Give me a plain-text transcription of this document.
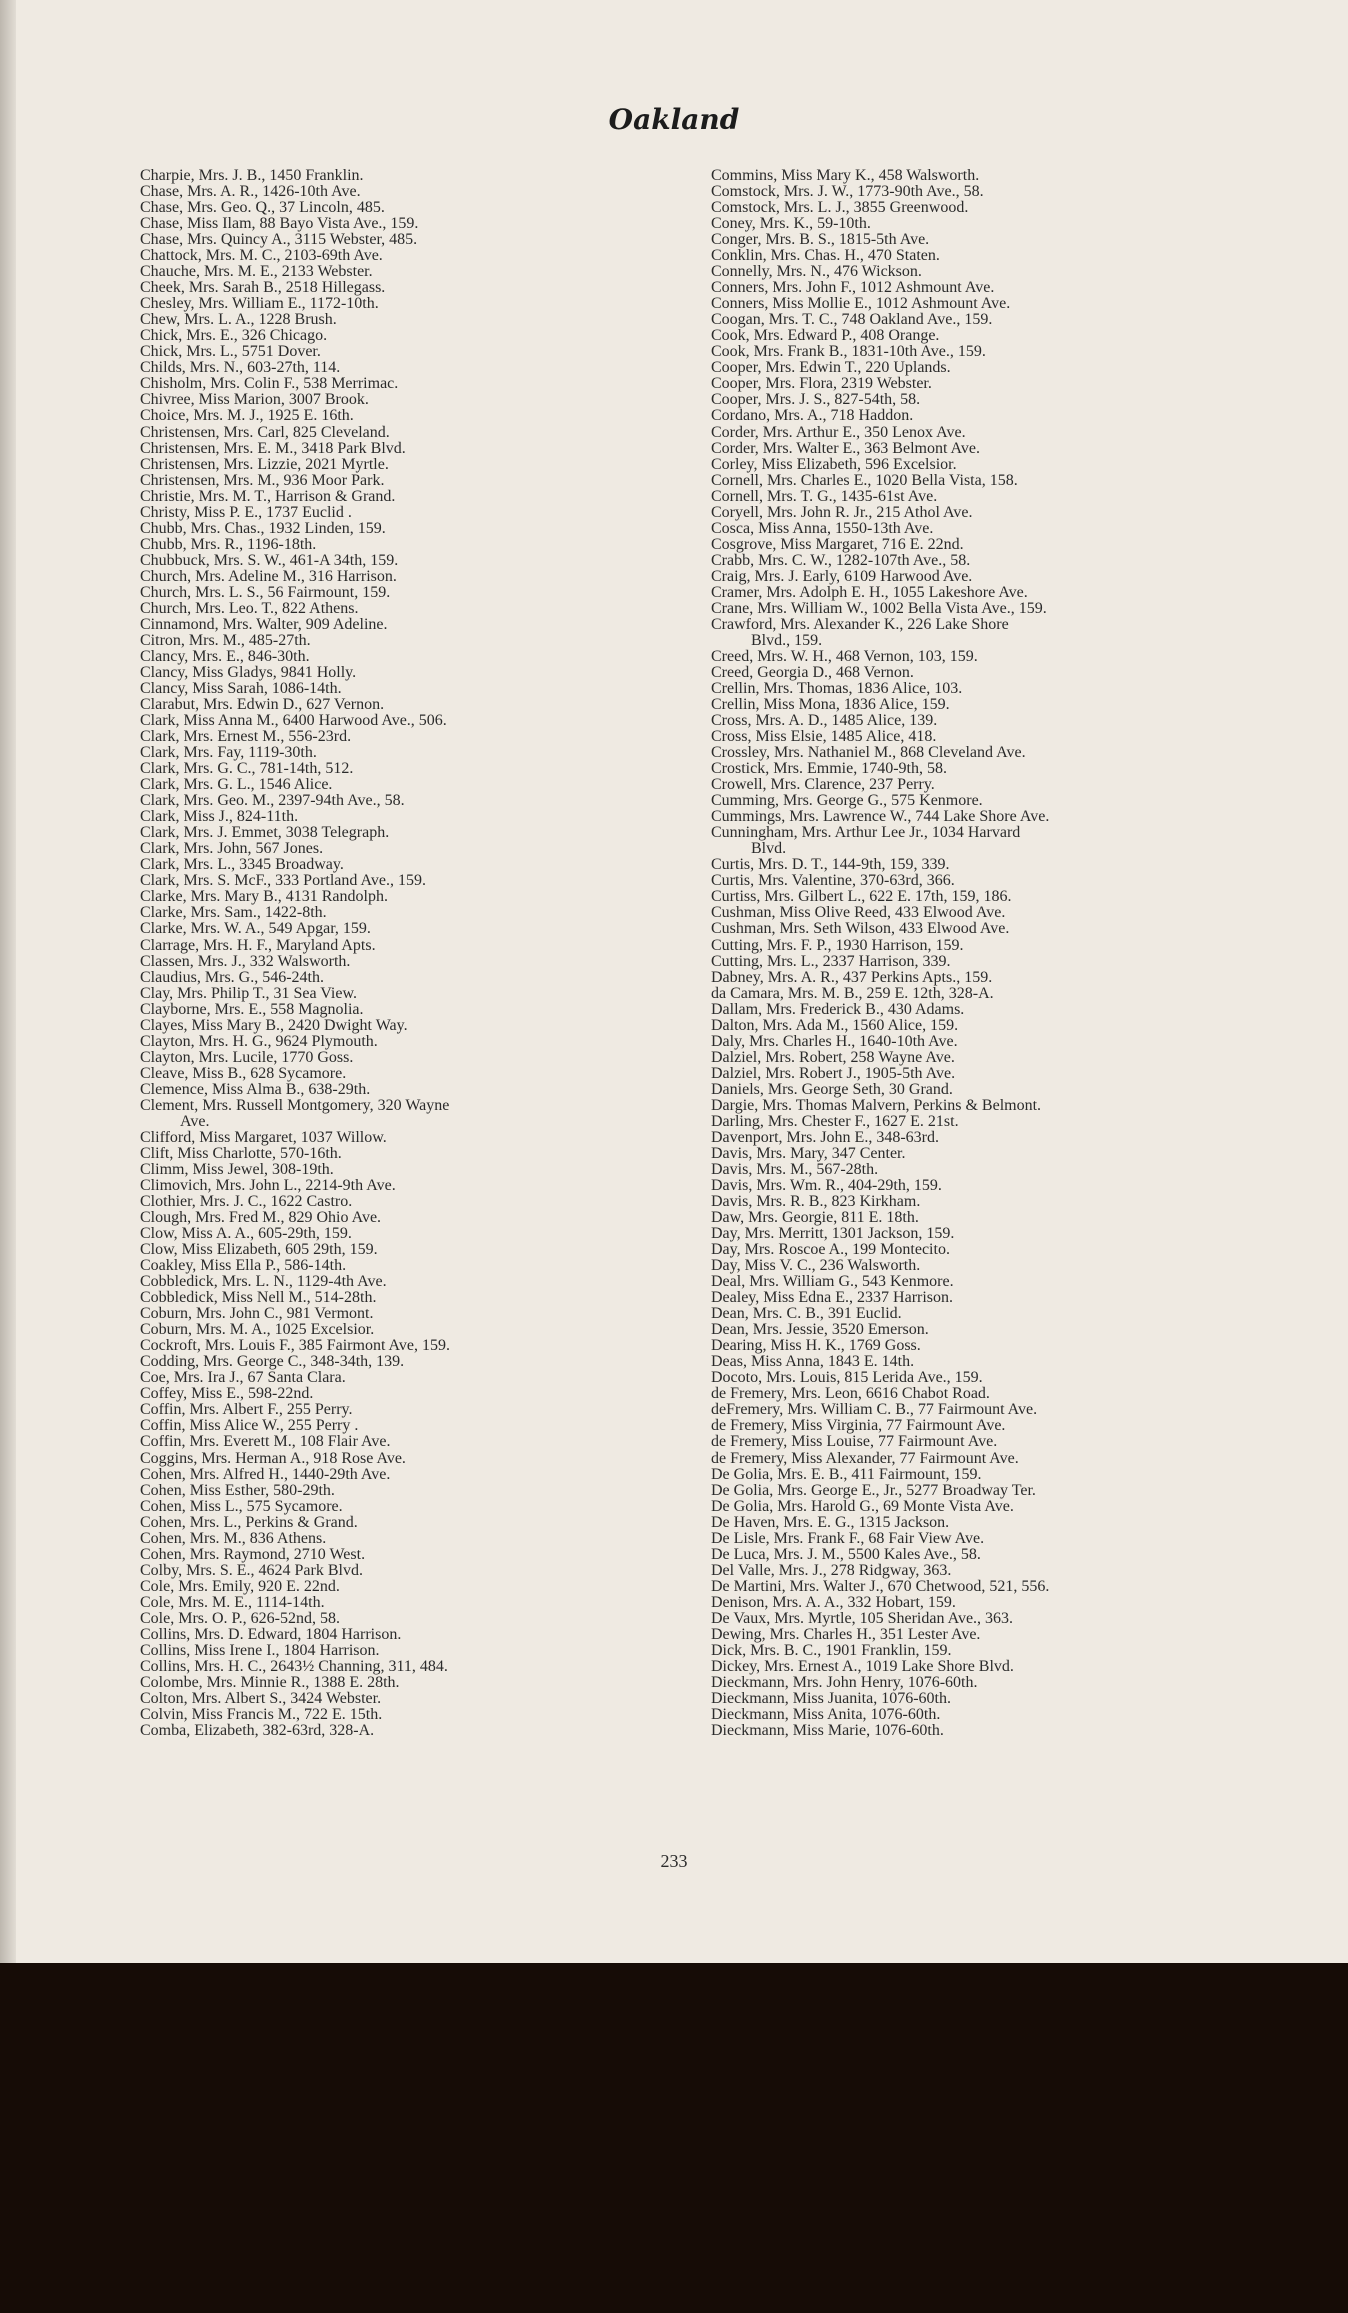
Oakland
Charpie, Mrs. J. B., 1450 Franklin.
Chase, Mrs. A. R., 1426-10th Ave.
Chase, Mrs. Geo. Q., 37 Lincoln, 485.
Chase, Miss Ilam, 88 Bayo Vista Ave., 159.
Chase, Mrs. Quincy A., 3115 Webster, 485.
Chattock, Mrs. M. C., 2103-69th Ave.
Chauche, Mrs. M. E., 2133 Webster.
Cheek, Mrs. Sarah B., 2518 Hillegass.
Chesley, Mrs. William E., 1172-10th.
Chew, Mrs. L. A., 1228 Brush.
Chick, Mrs. E., 326 Chicago.
Chick, Mrs. L., 5751 Dover.
Childs, Mrs. N., 603-27th, 114.
Chisholm, Mrs. Colin F., 538 Merrimac.
Chivree, Miss Marion, 3007 Brook.
Choice, Mrs. M. J., 1925 E. 16th.
Christensen, Mrs. Carl, 825 Cleveland.
Christensen, Mrs. E. M., 3418 Park Blvd.
Christensen, Mrs. Lizzie, 2021 Myrtle.
Christensen, Mrs. M., 936 Moor Park.
Christie, Mrs. M. T., Harrison & Grand.
Christy, Miss P. E., 1737 Euclid .
Chubb, Mrs. Chas., 1932 Linden, 159.
Chubb, Mrs. R., 1196-18th.
Chubbuck, Mrs. S. W., 461-A 34th, 159.
Church, Mrs. Adeline M., 316 Harrison.
Church, Mrs. L. S., 56 Fairmount, 159.
Church, Mrs. Leo. T., 822 Athens.
Cinnamond, Mrs. Walter, 909 Adeline.
Citron, Mrs. M., 485-27th.
Clancy, Mrs. E., 846-30th.
Clancy, Miss Gladys, 9841 Holly.
Clancy, Miss Sarah, 1086-14th.
Clarabut, Mrs. Edwin D., 627 Vernon.
Clark, Miss Anna M., 6400 Harwood Ave., 506.
Clark, Mrs. Ernest M., 556-23rd.
Clark, Mrs. Fay, 1119-30th.
Clark, Mrs. G. C., 781-14th, 512.
Clark, Mrs. G. L., 1546 Alice.
Clark, Mrs. Geo. M., 2397-94th Ave., 58.
Clark, Miss J., 824-11th.
Clark, Mrs. J. Emmet, 3038 Telegraph.
Clark, Mrs. John, 567 Jones.
Clark, Mrs. L., 3345 Broadway.
Clark, Mrs. S. McF., 333 Portland Ave., 159.
Clarke, Mrs. Mary B., 4131 Randolph.
Clarke, Mrs. Sam., 1422-8th.
Clarke, Mrs. W. A., 549 Apgar, 159.
Clarrage, Mrs. H. F., Maryland Apts.
Classen, Mrs. J., 332 Walsworth.
Claudius, Mrs. G., 546-24th.
Clay, Mrs. Philip T., 31 Sea View.
Clayborne, Mrs. E., 558 Magnolia.
Clayes, Miss Mary B., 2420 Dwight Way.
Clayton, Mrs. H. G., 9624 Plymouth.
Clayton, Mrs. Lucile, 1770 Goss.
Cleave, Miss B., 628 Sycamore.
Clemence, Miss Alma B., 638-29th.
Clement, Mrs. Russell Montgomery, 320 Wayne
Ave.
Clifford, Miss Margaret, 1037 Willow.
Clift, Miss Charlotte, 570-16th.
Climm, Miss Jewel, 308-19th.
Climovich, Mrs. John L., 2214-9th Ave.
Clothier, Mrs. J. C., 1622 Castro.
Clough, Mrs. Fred M., 829 Ohio Ave.
Clow, Miss A. A., 605-29th, 159.
Clow, Miss Elizabeth, 605 29th, 159.
Coakley, Miss Ella P., 586-14th.
Cobbledick, Mrs. L. N., 1129-4th Ave.
Cobbledick, Miss Nell M., 514-28th.
Coburn, Mrs. John C., 981 Vermont.
Coburn, Mrs. M. A., 1025 Excelsior.
Cockroft, Mrs. Louis F., 385 Fairmont Ave, 159.
Codding, Mrs. George C., 348-34th, 139.
Coe, Mrs. Ira J., 67 Santa Clara.
Coffey, Miss E., 598-22nd.
Coffin, Mrs. Albert F., 255 Perry.
Coffin, Miss Alice W., 255 Perry .
Coffin, Mrs. Everett M., 108 Flair Ave.
Coggins, Mrs. Herman A., 918 Rose Ave.
Cohen, Mrs. Alfred H., 1440-29th Ave.
Cohen, Miss Esther, 580-29th.
Cohen, Miss L., 575 Sycamore.
Cohen, Mrs. L., Perkins & Grand.
Cohen, Mrs. M., 836 Athens.
Cohen, Mrs. Raymond, 2710 West.
Colby, Mrs. S. E., 4624 Park Blvd.
Cole, Mrs. Emily, 920 E. 22nd.
Cole, Mrs. M. E., 1114-14th.
Cole, Mrs. O. P., 626-52nd, 58.
Collins, Mrs. D. Edward, 1804 Harrison.
Collins, Miss Irene I., 1804 Harrison.
Collins, Mrs. H. C., 2643½ Channing, 311, 484.
Colombe, Mrs. Minnie R., 1388 E. 28th.
Colton, Mrs. Albert S., 3424 Webster.
Colvin, Miss Francis M., 722 E. 15th.
Comba, Elizabeth, 382-63rd, 328-A.
Commins, Miss Mary K., 458 Walsworth.
Comstock, Mrs. J. W., 1773-90th Ave., 58.
Comstock, Mrs. L. J., 3855 Greenwood.
Coney, Mrs. K., 59-10th.
Conger, Mrs. B. S., 1815-5th Ave.
Conklin, Mrs. Chas. H., 470 Staten.
Connelly, Mrs. N., 476 Wickson.
Conners, Mrs. John F., 1012 Ashmount Ave.
Conners, Miss Mollie E., 1012 Ashmount Ave.
Coogan, Mrs. T. C., 748 Oakland Ave., 159.
Cook, Mrs. Edward P., 408 Orange.
Cook, Mrs. Frank B., 1831-10th Ave., 159.
Cooper, Mrs. Edwin T., 220 Uplands.
Cooper, Mrs. Flora, 2319 Webster.
Cooper, Mrs. J. S., 827-54th, 58.
Cordano, Mrs. A., 718 Haddon.
Corder, Mrs. Arthur E., 350 Lenox Ave.
Corder, Mrs. Walter E., 363 Belmont Ave.
Corley, Miss Elizabeth, 596 Excelsior.
Cornell, Mrs. Charles E., 1020 Bella Vista, 158.
Cornell, Mrs. T. G., 1435-61st Ave.
Coryell, Mrs. John R. Jr., 215 Athol Ave.
Cosca, Miss Anna, 1550-13th Ave.
Cosgrove, Miss Margaret, 716 E. 22nd.
Crabb, Mrs. C. W., 1282-107th Ave., 58.
Craig, Mrs. J. Early, 6109 Harwood Ave.
Cramer, Mrs. Adolph E. H., 1055 Lakeshore Ave.
Crane, Mrs. William W., 1002 Bella Vista Ave., 159.
Crawford, Mrs. Alexander K., 226 Lake Shore
Blvd., 159.
Creed, Mrs. W. H., 468 Vernon, 103, 159.
Creed, Georgia D., 468 Vernon.
Crellin, Mrs. Thomas, 1836 Alice, 103.
Crellin, Miss Mona, 1836 Alice, 159.
Cross, Mrs. A. D., 1485 Alice, 139.
Cross, Miss Elsie, 1485 Alice, 418.
Crossley, Mrs. Nathaniel M., 868 Cleveland Ave.
Crostick, Mrs. Emmie, 1740-9th, 58.
Crowell, Mrs. Clarence, 237 Perry.
Cumming, Mrs. George G., 575 Kenmore.
Cummings, Mrs. Lawrence W., 744 Lake Shore Ave.
Cunningham, Mrs. Arthur Lee Jr., 1034 Harvard
Blvd.
Curtis, Mrs. D. T., 144-9th, 159, 339.
Curtis, Mrs. Valentine, 370-63rd, 366.
Curtiss, Mrs. Gilbert L., 622 E. 17th, 159, 186.
Cushman, Miss Olive Reed, 433 Elwood Ave.
Cushman, Mrs. Seth Wilson, 433 Elwood Ave.
Cutting, Mrs. F. P., 1930 Harrison, 159.
Cutting, Mrs. L., 2337 Harrison, 339.
Dabney, Mrs. A. R., 437 Perkins Apts., 159.
da Camara, Mrs. M. B., 259 E. 12th, 328-A.
Dallam, Mrs. Frederick B., 430 Adams.
Dalton, Mrs. Ada M., 1560 Alice, 159.
Daly, Mrs. Charles H., 1640-10th Ave.
Dalziel, Mrs. Robert, 258 Wayne Ave.
Dalziel, Mrs. Robert J., 1905-5th Ave.
Daniels, Mrs. George Seth, 30 Grand.
Dargie, Mrs. Thomas Malvern, Perkins & Belmont.
Darling, Mrs. Chester F., 1627 E. 21st.
Davenport, Mrs. John E., 348-63rd.
Davis, Mrs. Mary, 347 Center.
Davis, Mrs. M., 567-28th.
Davis, Mrs. Wm. R., 404-29th, 159.
Davis, Mrs. R. B., 823 Kirkham.
Daw, Mrs. Georgie, 811 E. 18th.
Day, Mrs. Merritt, 1301 Jackson, 159.
Day, Mrs. Roscoe A., 199 Montecito.
Day, Miss V. C., 236 Walsworth.
Deal, Mrs. William G., 543 Kenmore.
Dealey, Miss Edna E., 2337 Harrison.
Dean, Mrs. C. B., 391 Euclid.
Dean, Mrs. Jessie, 3520 Emerson.
Dearing, Miss H. K., 1769 Goss.
Deas, Miss Anna, 1843 E. 14th.
Docoto, Mrs. Louis, 815 Lerida Ave., 159.
de Fremery, Mrs. Leon, 6616 Chabot Road.
deFremery, Mrs. William C. B., 77 Fairmount Ave.
de Fremery, Miss Virginia, 77 Fairmount Ave.
de Fremery, Miss Louise, 77 Fairmount Ave.
de Fremery, Miss Alexander, 77 Fairmount Ave.
De Golia, Mrs. E. B., 411 Fairmount, 159.
De Golia, Mrs. George E., Jr., 5277 Broadway Ter.
De Golia, Mrs. Harold G., 69 Monte Vista Ave.
De Haven, Mrs. E. G., 1315 Jackson.
De Lisle, Mrs. Frank F., 68 Fair View Ave.
De Luca, Mrs. J. M., 5500 Kales Ave., 58.
Del Valle, Mrs. J., 278 Ridgway, 363.
De Martini, Mrs. Walter J., 670 Chetwood, 521, 556.
Denison, Mrs. A. A., 332 Hobart, 159.
De Vaux, Mrs. Myrtle, 105 Sheridan Ave., 363.
Dewing, Mrs. Charles H., 351 Lester Ave.
Dick, Mrs. B. C., 1901 Franklin, 159.
Dickey, Mrs. Ernest A., 1019 Lake Shore Blvd.
Dieckmann, Mrs. John Henry, 1076-60th.
Dieckmann, Miss Juanita, 1076-60th.
Dieckmann, Miss Anita, 1076-60th.
Dieckmann, Miss Marie, 1076-60th.
233
